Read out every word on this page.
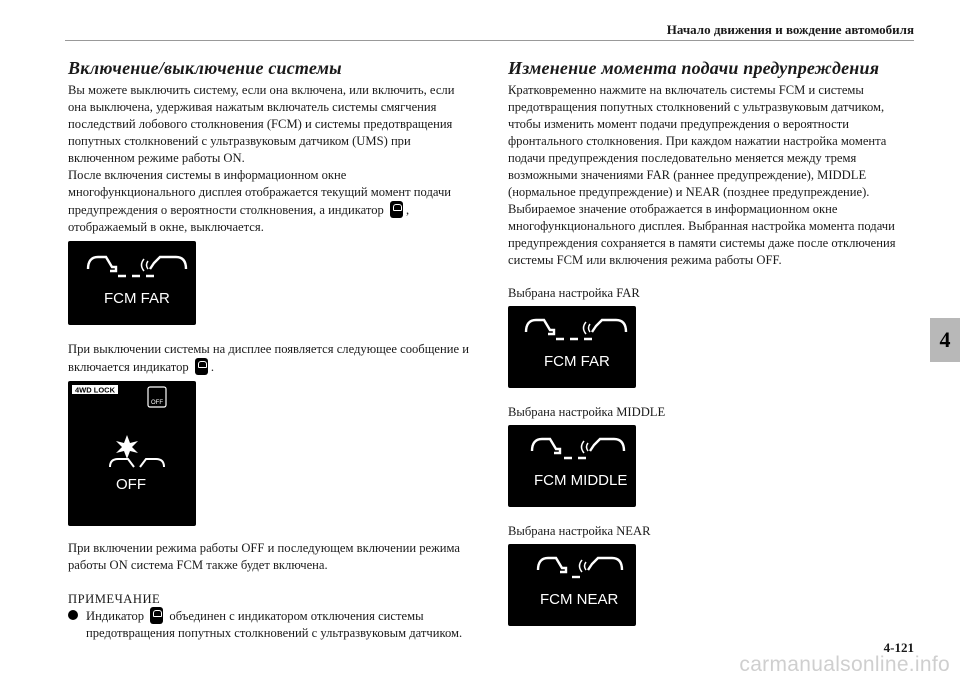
Начало движения и вождение автомобиля
4
Включение/выключение системы

Вы можете выключить систему, если она включена, или включить, если она выключена, удерживая нажатым включатель системы смягчения последствий лобового столкновения (FCM) и системы предотвращения попутных столкновений с ультразвуковым датчиком (UMS) при включенном режиме работы ON.

После включения системы в информационном окне многофункционального дисплея отображается текущий момент подачи предупреждения о вероятности столкновения, а индикатор , отображаемый в окне, выключается.

FCM FAR

При выключении системы на дисплее появляется следующее сообщение и включается индикатор .

4WD LOCK
OFF
OFF

При включении режима работы OFF и последующем включении режима работы ON система FCM также будет включена.

ПРИМЕЧАНИЕ
Индикатор объединен с индикатором отключения системы предотвращения попутных столкновений с ультразвуковым датчиком.
Изменение момента подачи предупреждения

Кратковременно нажмите на включатель системы FCM и системы предотвращения попутных столкновений с ультразвуковым датчиком, чтобы изменить момент подачи предупреждения о вероятности фронтального столкновения. При каждом нажатии настройка момента подачи предупреждения последовательно меняется между тремя возможными значениями FAR (раннее предупреждение), MIDDLE (нормальное предупреждение) и NEAR (позднее предупреждение).

Выбираемое значение отображается в информационном окне многофункционального дисплея. Выбранная настройка момента подачи предупреждения сохраняется в памяти системы даже после отключения системы FCM или включения режима работы OFF.

Выбрана настройка FAR

FCM FAR

Выбрана настройка MIDDLE

FCM MIDDLE

Выбрана настройка NEAR

FCM NEAR
4-121
carmanualsonline.info
